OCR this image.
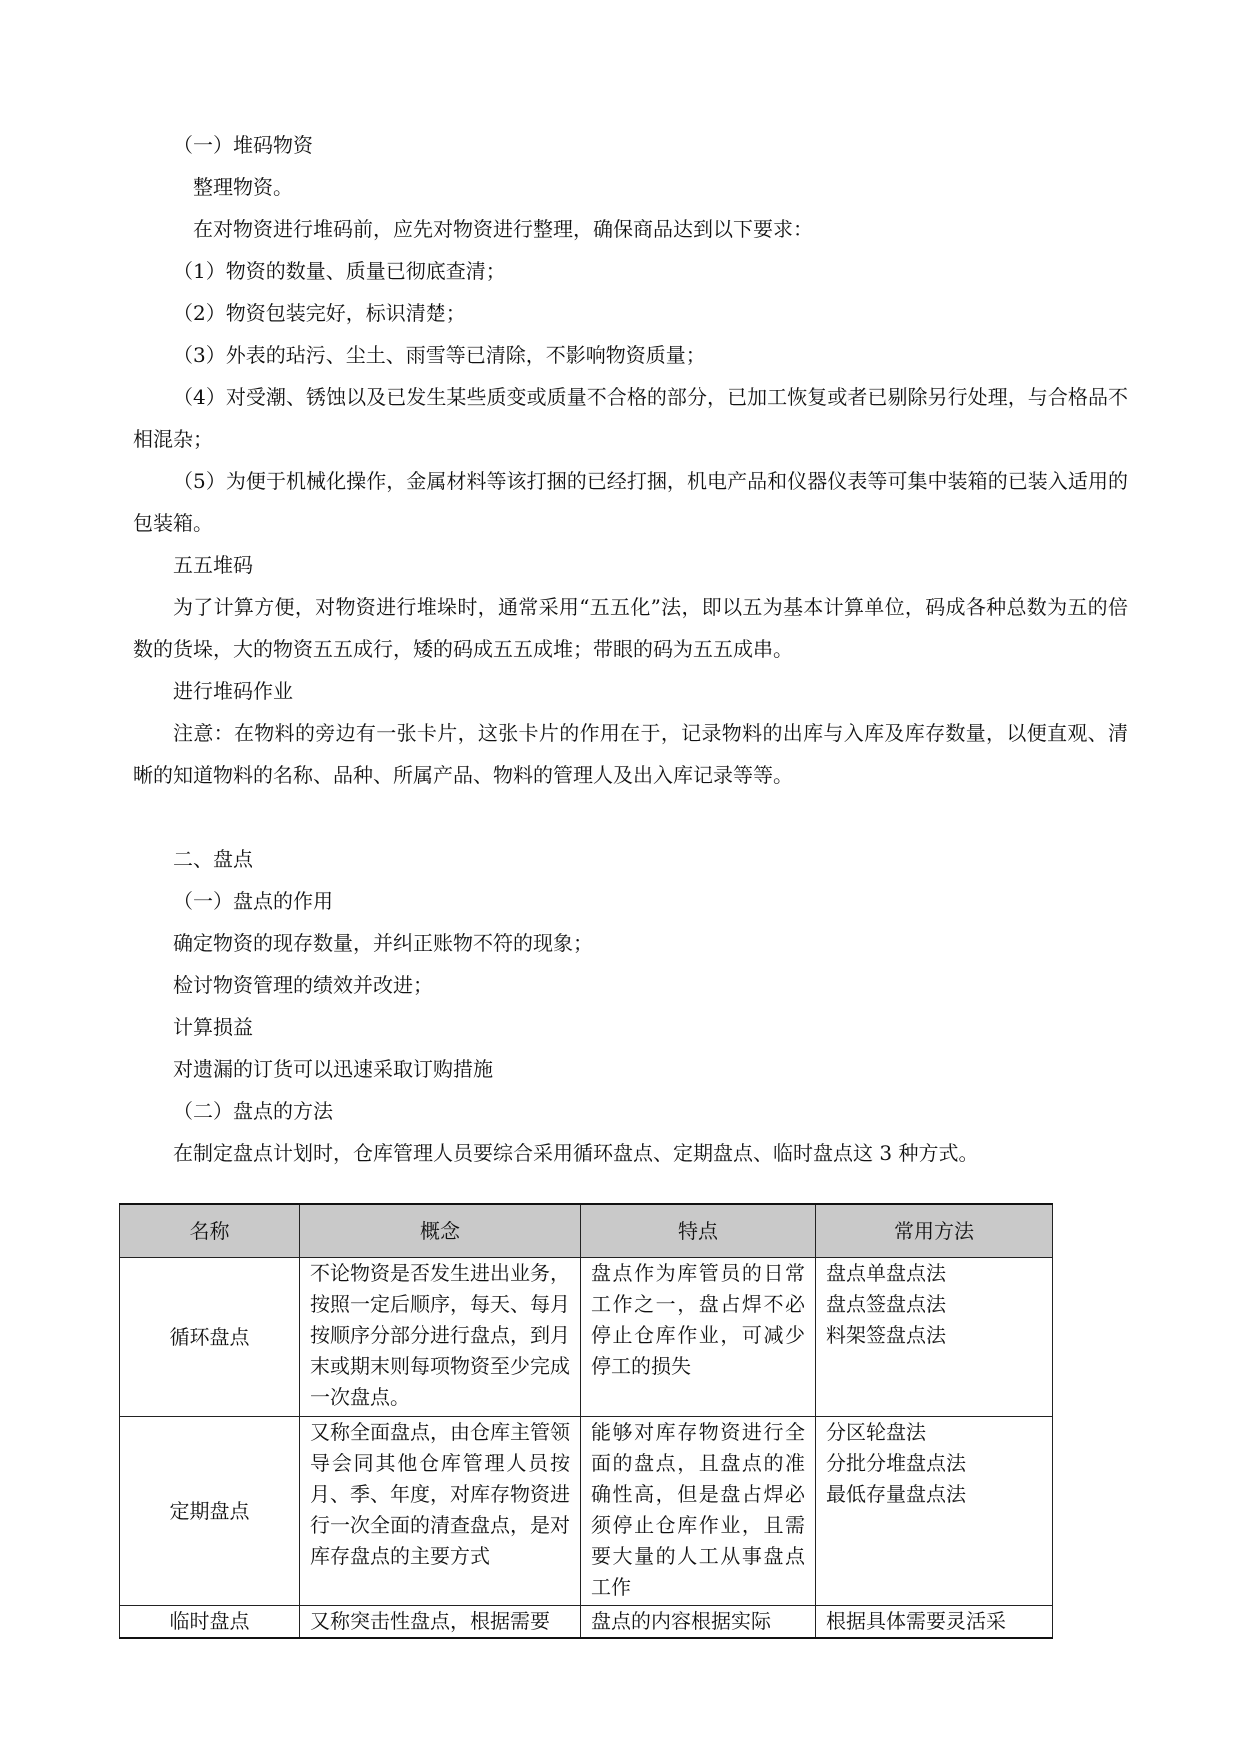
（一）堆码物资

整理物资。

在对物资进行堆码前，应先对物资进行整理，确保商品达到以下要求：

（1）物资的数量、质量已彻底查清；

（2）物资包装完好，标识清楚；

（3）外表的玷污、尘土、雨雪等已清除，不影响物资质量；

（4）对受潮、锈蚀以及已发生某些质变或质量不合格的部分，已加工恢复或者已剔除另行处理，与合格品不相混杂；

（5）为便于机械化操作，金属材料等该打捆的已经打捆，机电产品和仪器仪表等可集中装箱的已装入适用的包装箱。

五五堆码

为了计算方便，对物资进行堆垛时，通常采用“五五化”法，即以五为基本计算单位，码成各种总数为五的倍数的货垛，大的物资五五成行，矮的码成五五成堆；带眼的码为五五成串。

进行堆码作业

注意：在物料的旁边有一张卡片，这张卡片的作用在于，记录物料的出库与入库及库存数量，以便直观、清晰的知道物料的名称、品种、所属产品、物料的管理人及出入库记录等等。

二、盘点

（一）盘点的作用

确定物资的现存数量，并纠正账物不符的现象；

检讨物资管理的绩效并改进；

计算损益

对遗漏的订货可以迅速采取订购措施

（二）盘点的方法

在制定盘点计划时，仓库管理人员要综合采用循环盘点、定期盘点、临时盘点这 3 种方式。

名称	概念	特点	常用方法
循环盘点	不论物资是否发生进出业务，按照一定后顺序，每天、每月按顺序分部分进行盘点，到月末或期末则每项物资至少完成一次盘点。	盘点作为库管员的日常工作之一，盘占焊不必停止仓库作业，可减少停工的损失	盘点单盘点法
盘点签盘点法
料架签盘点法

定期盘点	又称全面盘点，由仓库主管领导会同其他仓库管理人员按月、季、年度，对库存物资进行一次全面的清查盘点，是对库存盘点的主要方式	能够对库存物资进行全面的盘点，且盘点的准确性高，但是盘占焊必须停止仓库作业，且需要大量的人工从事盘点工作	分区轮盘法
分批分堆盘点法
最低存量盘点法

临时盘点	又称突击性盘点，根据需要	盘点的内容根据实际	根据具体需要灵活采
